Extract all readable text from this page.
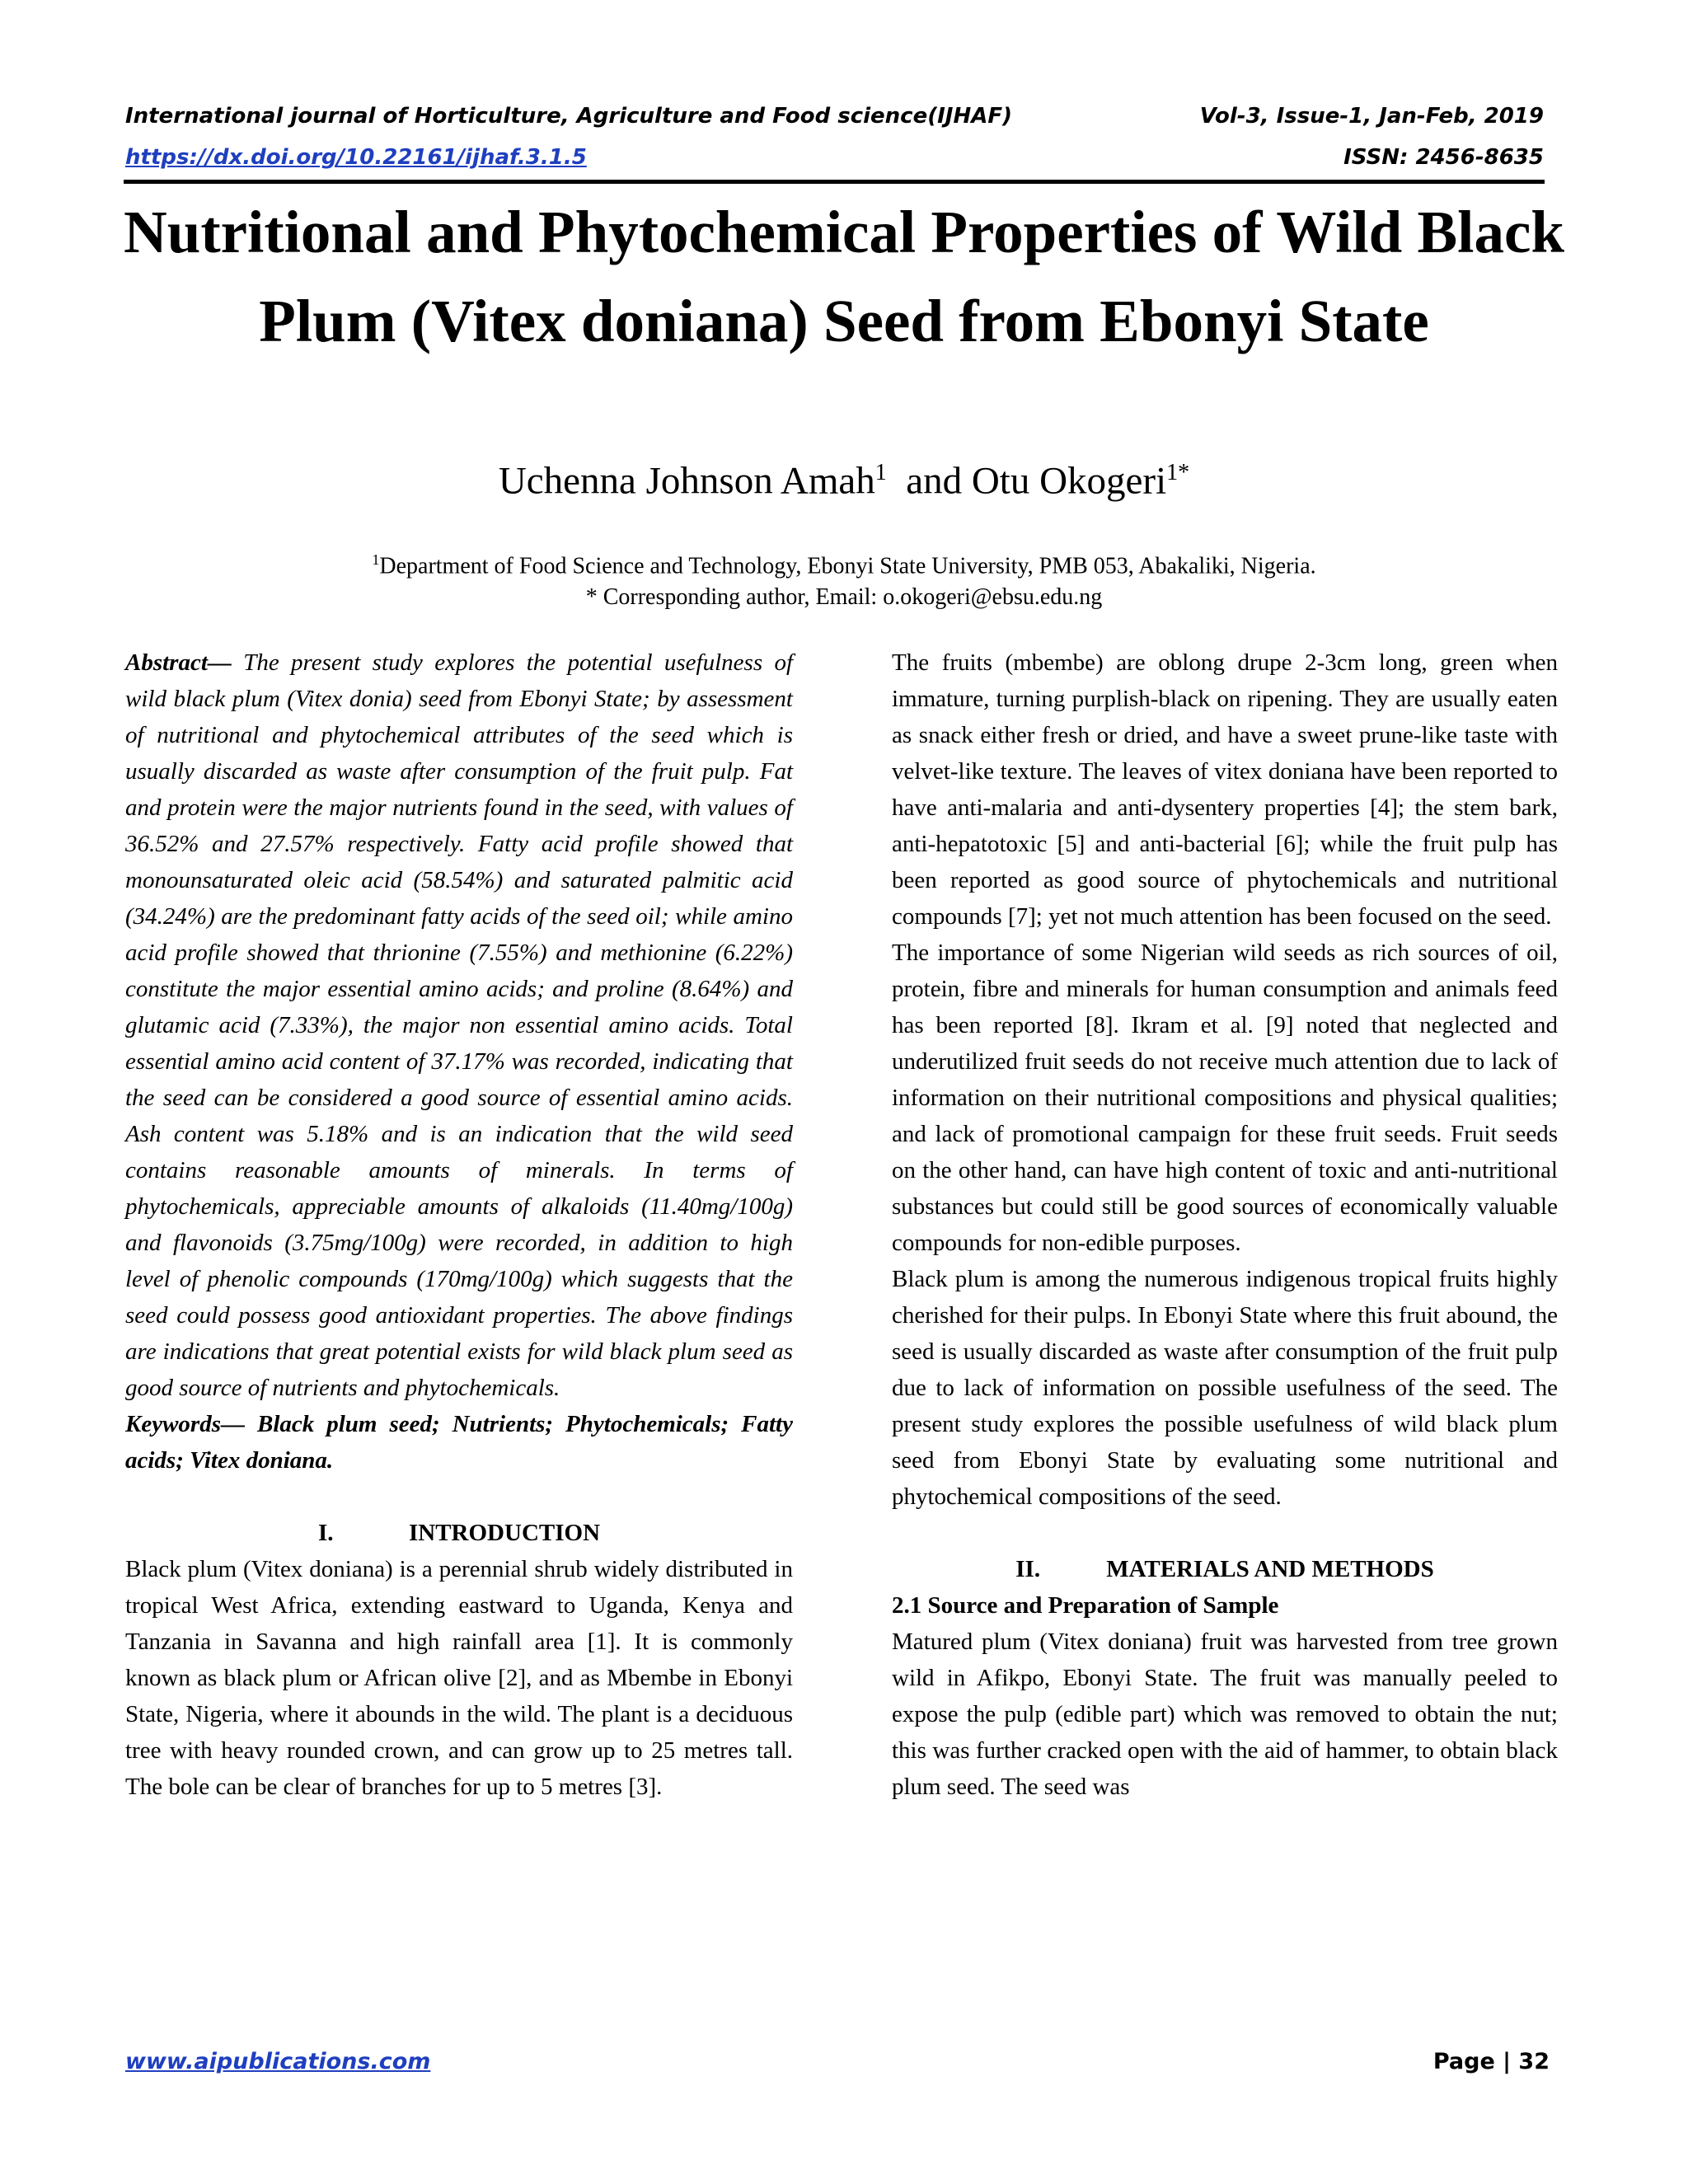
International journal of Horticulture, Agriculture and Food science(IJHAF)	Vol-3, Issue-1, Jan-Feb, 2019
https://dx.doi.org/10.22161/ijhaf.3.1.5	ISSN: 2456-8635
Nutritional and Phytochemical Properties of Wild Black Plum (Vitex doniana) Seed from Ebonyi State
Uchenna Johnson Amah$^1$ and Otu Okogeri$^{1*}$
$^1$Department of Food Science and Technology, Ebonyi State University, PMB 053, Abakaliki, Nigeria.
* Corresponding author, Email: o.okogeri@ebsu.edu.ng

Abstract— The present study explores the potential usefulness of wild black plum (Vitex donia) seed from Ebonyi State; by assessment of nutritional and phytochemical attributes of the seed which is usually discarded as waste after consumption of the fruit pulp. Fat and protein were the major nutrients found in the seed, with values of 36.52% and 27.57% respectively. Fatty acid profile showed that monounsaturated oleic acid (58.54%) and saturated palmitic acid (34.24%) are the predominant fatty acids of the seed oil; while amino acid profile showed that thrionine (7.55%) and methionine (6.22%) constitute the major essential amino acids; and proline (8.64%) and glutamic acid (7.33%), the major non essential amino acids. Total essential amino acid content of 37.17% was recorded, indicating that the seed can be considered a good source of essential amino acids. Ash content was 5.18% and is an indication that the wild seed contains reasonable amounts of minerals. In terms of phytochemicals, appreciable amounts of alkaloids (11.40mg/100g) and flavonoids (3.75mg/100g) were recorded, in addition to high level of phenolic compounds (170mg/100g) which suggests that the seed could possess good antioxidant properties. The above findings are indications that great potential exists for wild black plum seed as good source of nutrients and phytochemicals.

Keywords— Black plum seed; Nutrients; Phytochemicals; Fatty acids; Vitex doniana.

I.	INTRODUCTION

Black plum (Vitex doniana) is a perennial shrub widely distributed in tropical West Africa, extending eastward to Uganda, Kenya and Tanzania in Savanna and high rainfall area [1]. It is commonly known as black plum or African olive [2], and as Mbembe in Ebonyi State, Nigeria, where it abounds in the wild. The plant is a deciduous tree with heavy rounded crown, and can grow up to 25 metres tall. The bole can be clear of branches for up to 5 metres [3].

The fruits (mbembe) are oblong drupe 2-3cm long, green when immature, turning purplish-black on ripening. They are usually eaten as snack either fresh or dried, and have a sweet prune-like taste with velvet-like texture. The leaves of vitex doniana have been reported to have anti-malaria and anti-dysentery properties [4]; the stem bark, anti-hepatotoxic [5] and anti-bacterial [6]; while the fruit pulp has been reported as good source of phytochemicals and nutritional compounds [7]; yet not much attention has been focused on the seed.

The importance of some Nigerian wild seeds as rich sources of oil, protein, fibre and minerals for human consumption and animals feed has been reported [8]. Ikram et al. [9] noted that neglected and underutilized fruit seeds do not receive much attention due to lack of information on their nutritional compositions and physical qualities; and lack of promotional campaign for these fruit seeds. Fruit seeds on the other hand, can have high content of toxic and anti-nutritional substances but could still be good sources of economically valuable compounds for non-edible purposes.

Black plum is among the numerous indigenous tropical fruits highly cherished for their pulps. In Ebonyi State where this fruit abound, the seed is usually discarded as waste after consumption of the fruit pulp due to lack of information on possible usefulness of the seed. The present study explores the possible usefulness of wild black plum seed from Ebonyi State by evaluating some nutritional and phytochemical compositions of the seed.

II.	MATERIALS AND METHODS

2.1 Source and Preparation of Sample

Matured plum (Vitex doniana) fruit was harvested from tree grown wild in Afikpo, Ebonyi State. The fruit was manually peeled to expose the pulp (edible part) which was removed to obtain the nut; this was further cracked open with the aid of hammer, to obtain black plum seed. The seed was

www.aipublications.com	Page | 32
